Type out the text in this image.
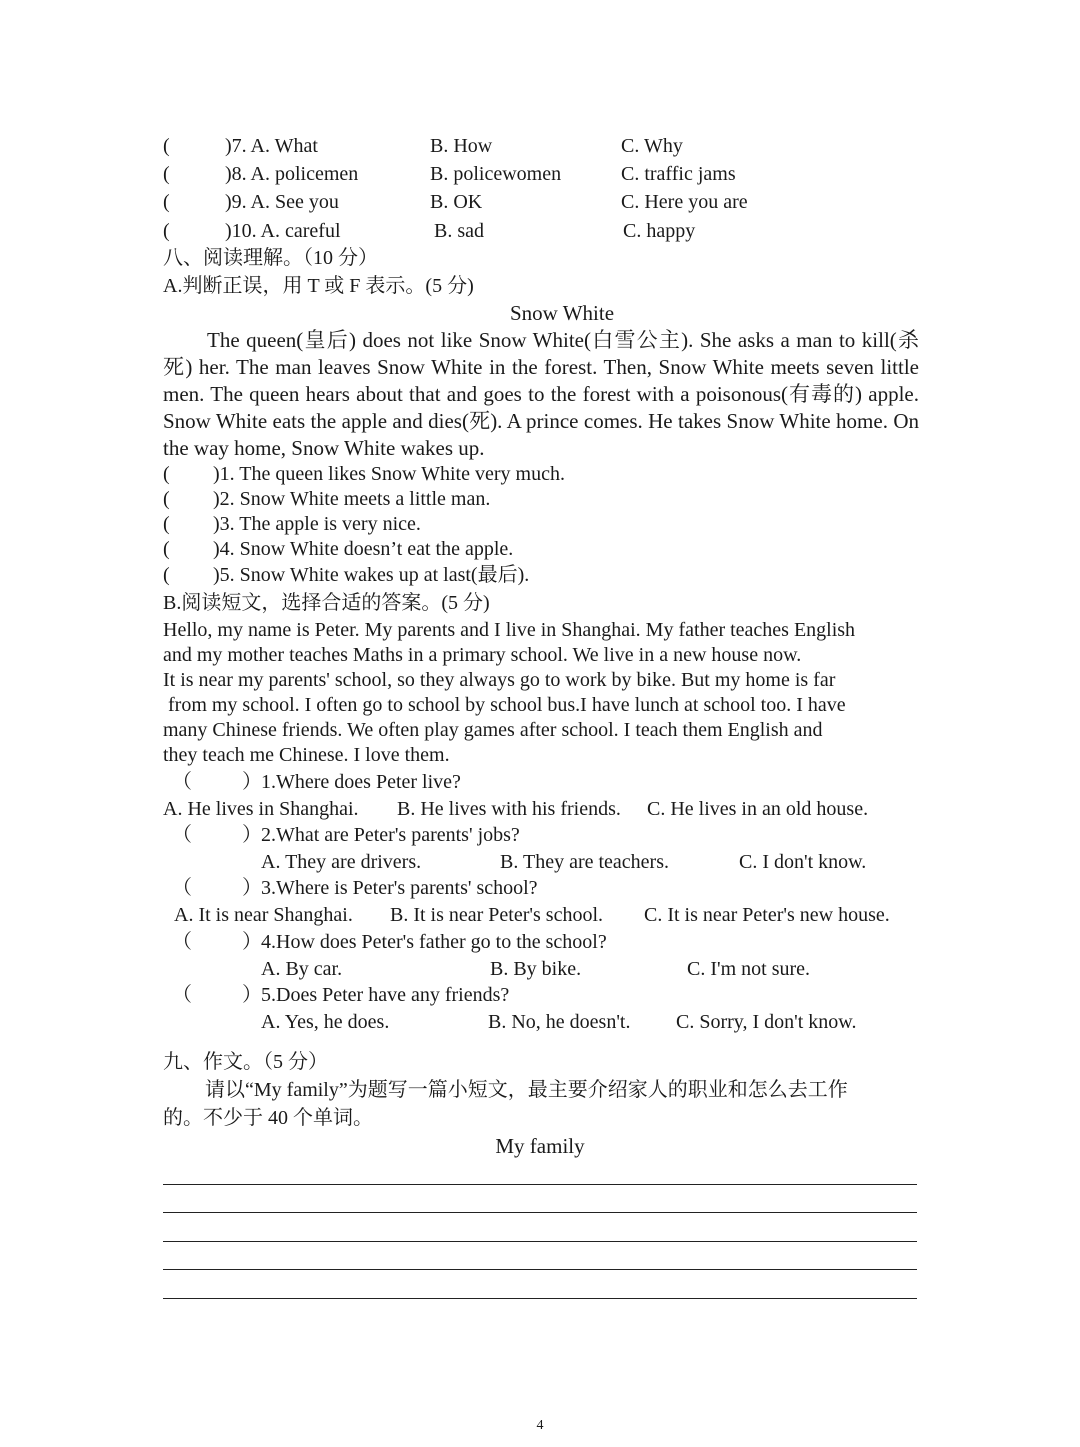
(	)7. A. What	B. How	C. Why
(	)8. A. policemen	B. policewomen	C. traffic jams
(	)9. A. See you	B. OK	C. Here you are
(	)10. A. careful	B. sad	C. happy
八、阅读理解。（10 分）
A.判断正误，用 T 或 F 表示。(5 分)
Snow White
The queen(皇后) does not like Snow White(白雪公主). She asks a man to kill(杀死) her. The man leaves Snow White in the forest. Then, Snow White meets seven little men. The queen hears about that and goes to the forest with a poisonous(有毒的) apple. Snow White eats the apple and dies(死). A prince comes. He takes Snow White home. On the way home, Snow White wakes up.
( )1. The queen likes Snow White very much.
( )2. Snow White meets a little man.
( )3. The apple is very nice.
( )4. Snow White doesn’t eat the apple.
( )5. Snow White wakes up at last(最后).
B.阅读短文，选择合适的答案。(5 分)
Hello, my name is Peter. My parents and I live in Shanghai. My father teaches English
and my mother teaches Maths in a primary school. We live in a new house now.
It is near my parents' school, so they always go to work by bike. But my home is far
from my school. I often go to school by school bus.I have lunch at school too. I have
many Chinese friends. We often play games after school. I teach them English and
they teach me Chinese. I love them.
（	） 1.Where does Peter live?
A. He lives in Shanghai. B. He lives with his friends. C. He lives in an old house.
（	） 2.What are Peter's parents' jobs?
A. They are drivers.	B. They are teachers.	C. I don't know.
（	） 3.Where is Peter's parents' school?
A. It is near Shanghai. B. It is near Peter's school. C. It is near Peter's new house.
（	） 4.How does Peter's father go to the school?
A. By car.	B. By bike.	C. I'm not sure.
（	） 5.Does Peter have any friends?
A. Yes, he does.	B. No, he doesn't. C. Sorry, I don't know.
九、作文。（5 分）
请以“My family”为题写一篇小短文，最主要介绍家人的职业和怎么去工作
的。不少于 40 个单词。
My family
4
